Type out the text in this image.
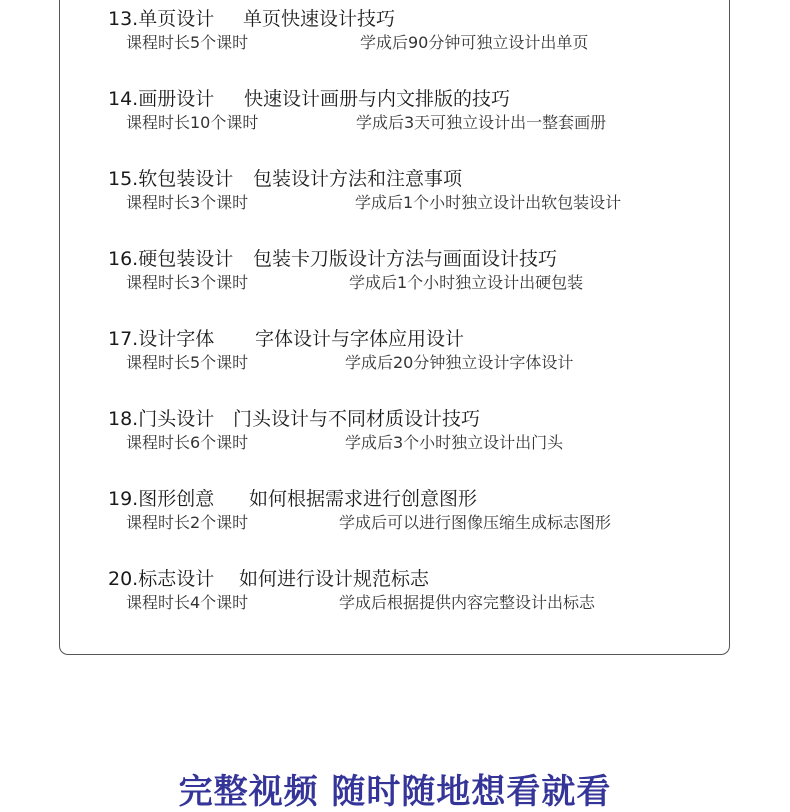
13.单页设计 单页快速设计技巧
课程时长5个课时	学成后90分钟可独立设计出单页
14.画册设计 快速设计画册与内文排版的技巧
课程时长10个课时	学成后3天可独立设计出一整套画册
15.软包装设计 包装设计方法和注意事项
课程时长3个课时	学成后1个小时独立设计出软包装设计
16.硬包装设计 包装卡刀版设计方法与画面设计技巧
课程时长3个课时	学成后1个小时独立设计出硬包装
17.设计字体 字体设计与字体应用设计
课程时长5个课时	学成后20分钟独立设计字体设计
18.门头设计 门头设计与不同材质设计技巧
课程时长6个课时	学成后3个小时独立设计出门头
19.图形创意 如何根据需求进行创意图形
课程时长2个课时	学成后可以进行图像压缩生成标志图形
20.标志设计 如何进行设计规范标志
课程时长4个课时	学成后根据提供内容完整设计出标志
完整视频 随时随地想看就看
